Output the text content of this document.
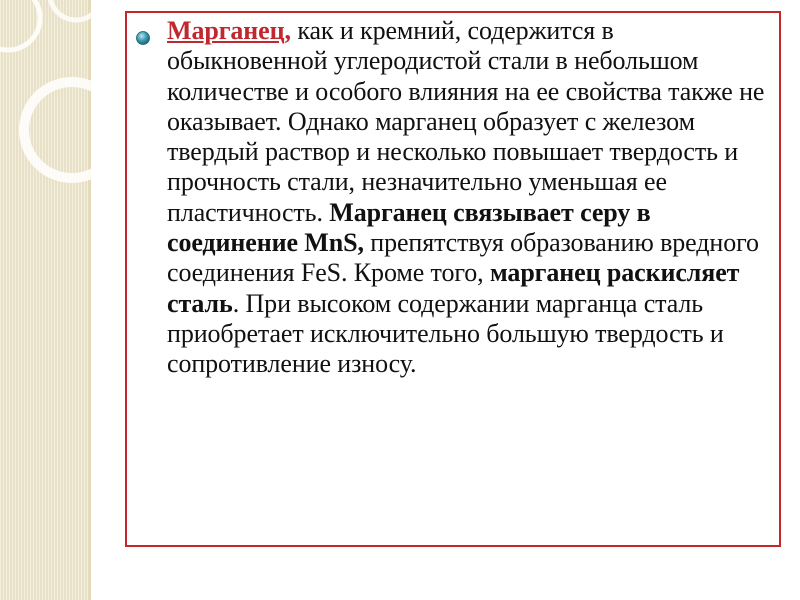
Марганец, как и кремний, содержится в обыкновенной углеродистой стали в небольшом количестве и особого влияния на ее свойства также не оказывает. Однако марганец образует с железом твердый раствор и несколько повышает твердость и прочность стали, незначительно уменьшая ее пластичность. Марганец связывает серу в соединение MnS, препятствуя образованию вредного соединения FeS. Кроме того, марганец раскисляет сталь. При высоком содержании марганца сталь приобретает исключительно большую твердость и сопротивление износу.
